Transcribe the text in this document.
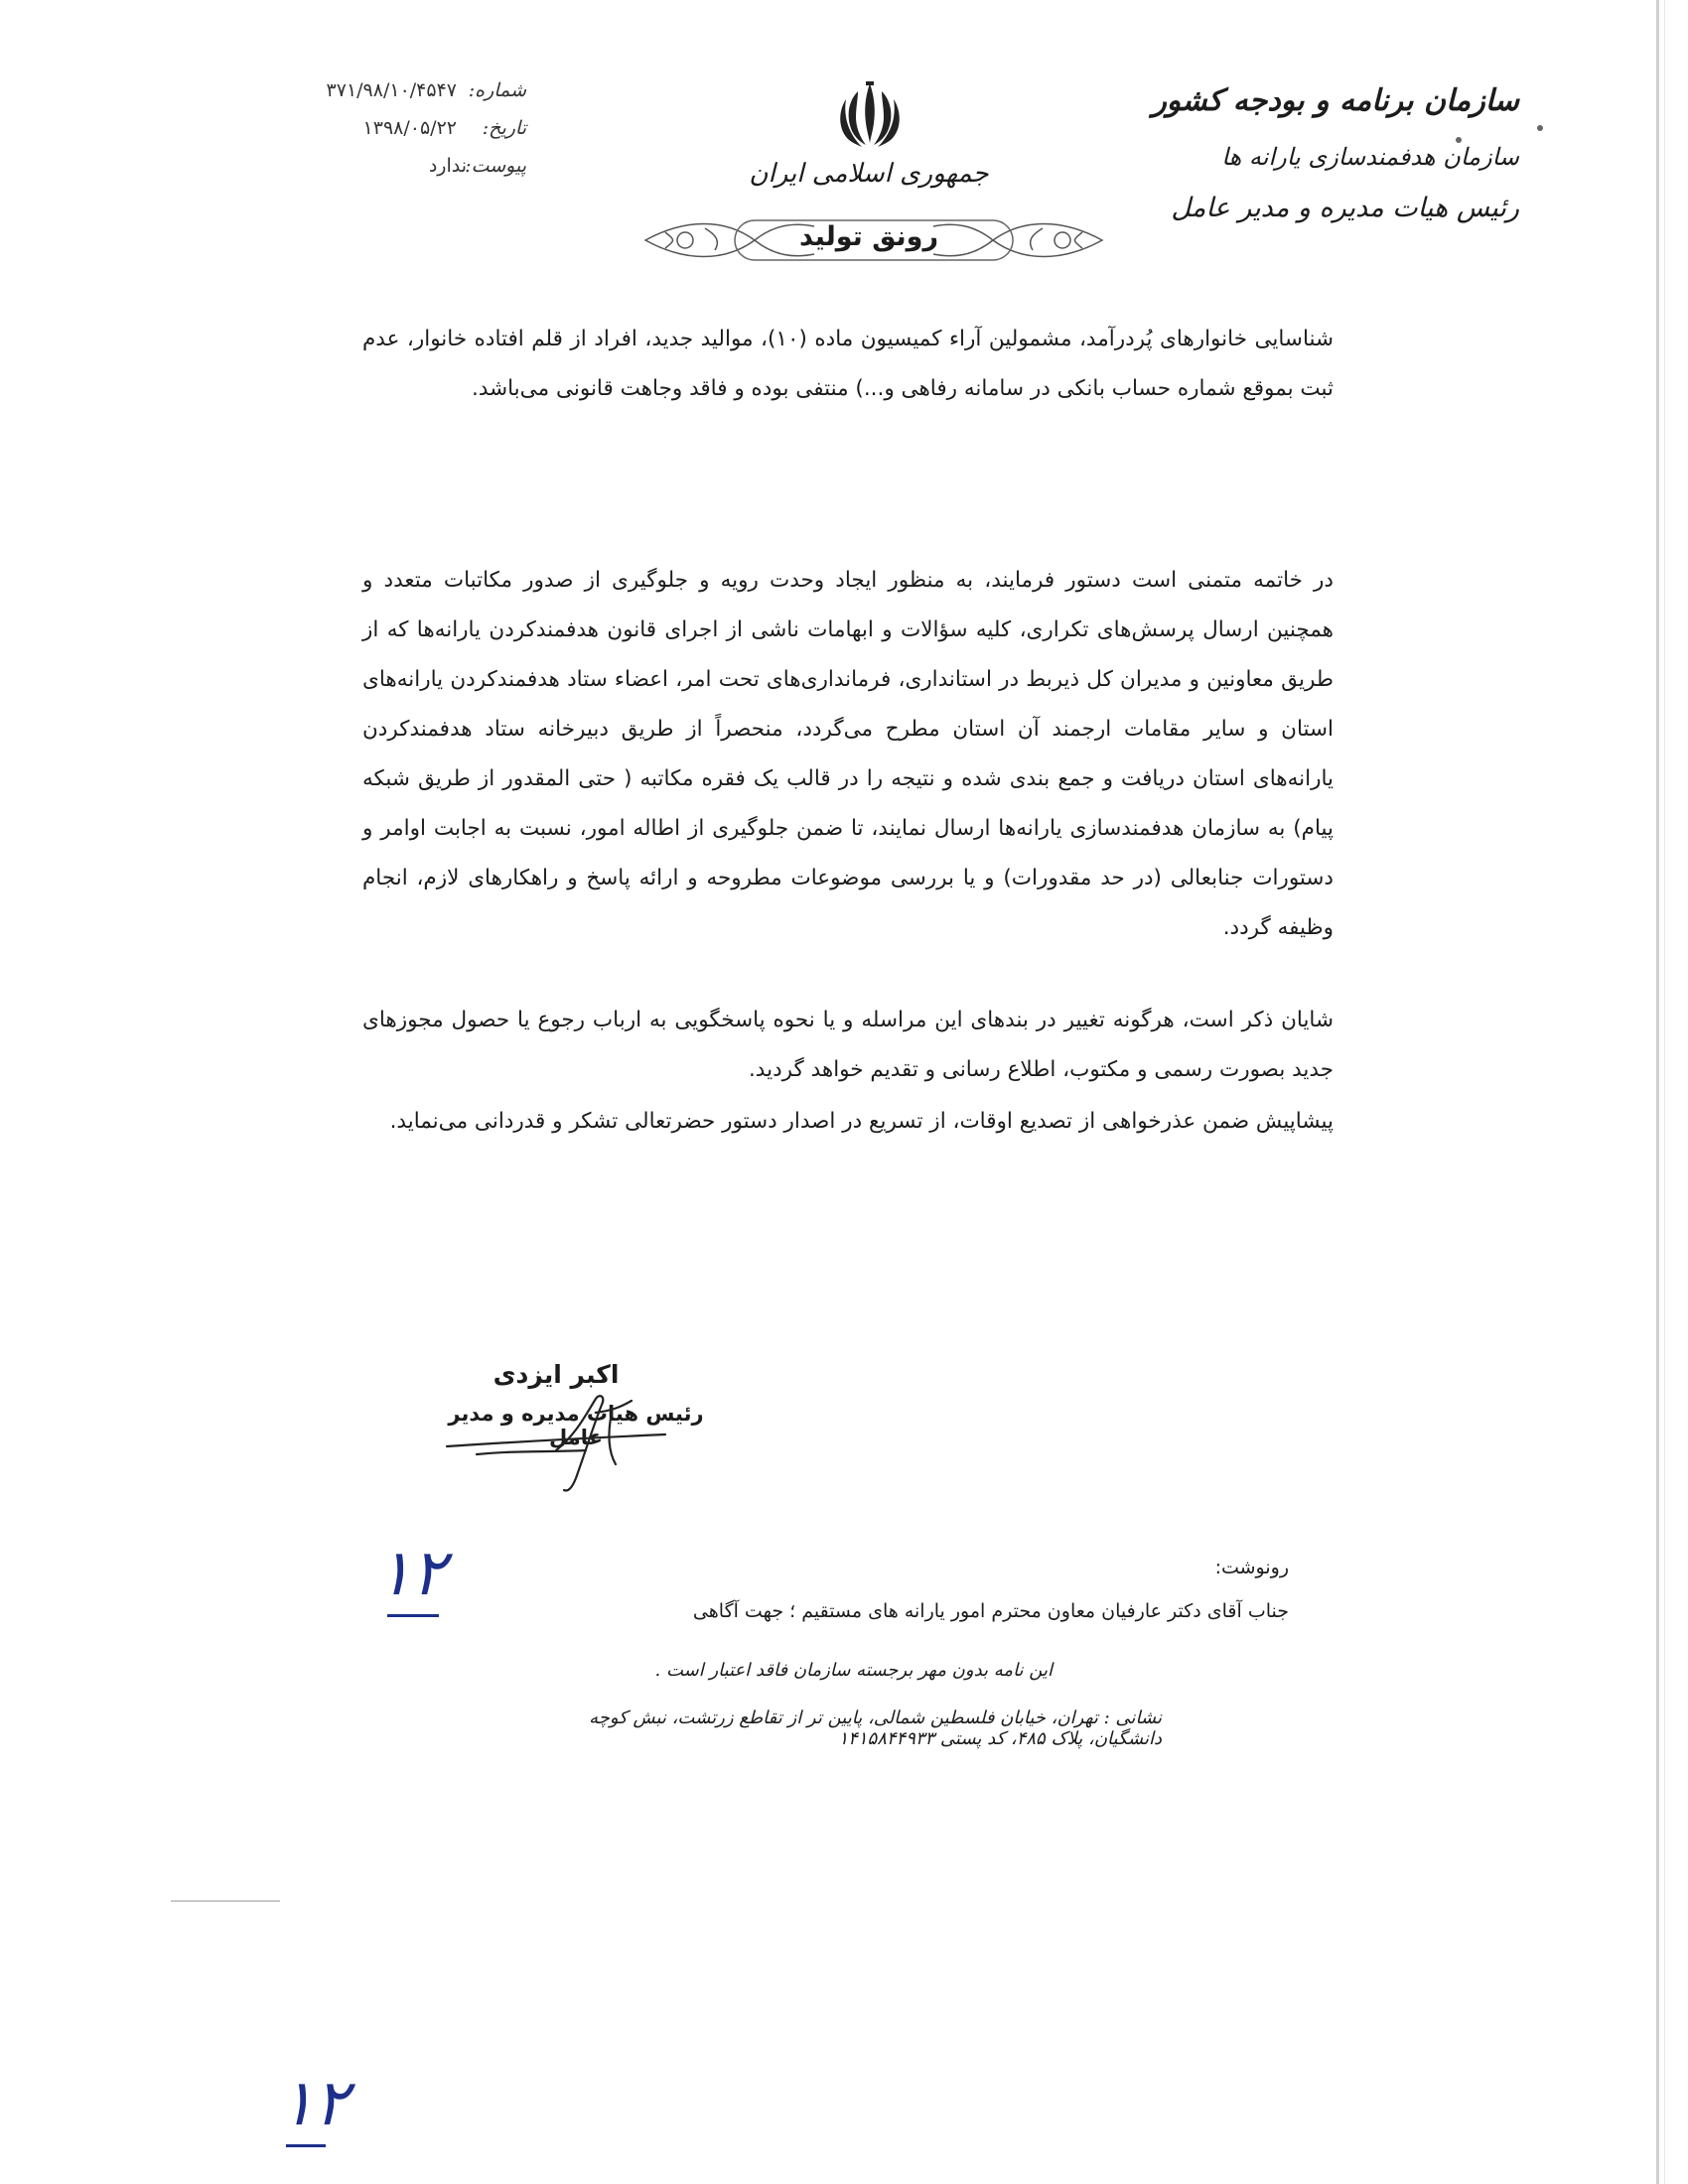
شماره:
۳۷۱/۹۸/۱۰/۴۵۴۷
تاریخ:
۱۳۹۸/۰۵/۲۲
پیوست:
ندارد	جمهوری اسلامی ایران
رونق تولید
سازمان برنامه و بودجه کشور
سازمان هدفمندسازی یارانه ها
رئیس هیات مدیره و مدیر عامل
شناسایی خانوارهای پُردرآمد، مشمولین آراء کمیسیون ماده (۱۰)، موالید جدید، افراد از قلم افتاده خانوار، عدم ثبت بموقع شماره حساب بانکی در سامانه رفاهی و...) منتفی بوده و فاقد وجاهت قانونی می‌باشد.
در خاتمه متمنی است دستور فرمایند، به منظور ایجاد وحدت رویه و جلوگیری از صدور مکاتبات متعدد و همچنین ارسال پرسش‌های تکراری، کلیه سؤالات و ابهامات ناشی از اجرای قانون هدفمندکردن یارانه‌ها که از طریق معاونین و مدیران کل ذیربط در استانداری، فرمانداری‌های تحت امر، اعضاء ستاد هدفمندکردن یارانه‌های استان و سایر مقامات ارجمند آن استان مطرح می‌گردد، منحصراً از طریق دبیرخانه ستاد هدفمندکردن یارانه‌های استان دریافت و جمع بندی شده و نتیجه را در قالب یک فقره مکاتبه ( حتی المقدور از طریق شبکه پیام) به سازمان هدفمندسازی یارانه‌ها ارسال نمایند، تا ضمن جلوگیری از اطاله امور، نسبت به اجابت اوامر و دستورات جنابعالی (در حد مقدورات) و یا بررسی موضوعات مطروحه و ارائه پاسخ و راهکارهای لازم، انجام وظیفه گردد.
شایان ذکر است، هرگونه تغییر در بندهای این مراسله و یا نحوه پاسخگویی به ارباب رجوع یا حصول مجوزهای جدید بصورت رسمی و مکتوب، اطلاع رسانی و تقدیم خواهد گردید.
پیشاپیش ضمن عذرخواهی از تصدیع اوقات، از تسریع در اصدار دستور حضرتعالی تشکر و قدردانی می‌نماید.
اکبر ایزدی
رئیس هیات مدیره و مدیر عامل
۱۲
۱۲
رونوشت:
جناب آقای دکتر عارفیان معاون محترم امور یارانه های مستقیم ؛ جهت آگاهی
این نامه بدون مهر برجسته سازمان فاقد اعتبار است .
نشانی : تهران، خیابان فلسطین شمالی، پایین تر از تقاطع زرتشت، نبش کوچه دانشگیان، پلاک ۴۸۵، کد پستی ۱۴۱۵۸۴۴۹۳۳
